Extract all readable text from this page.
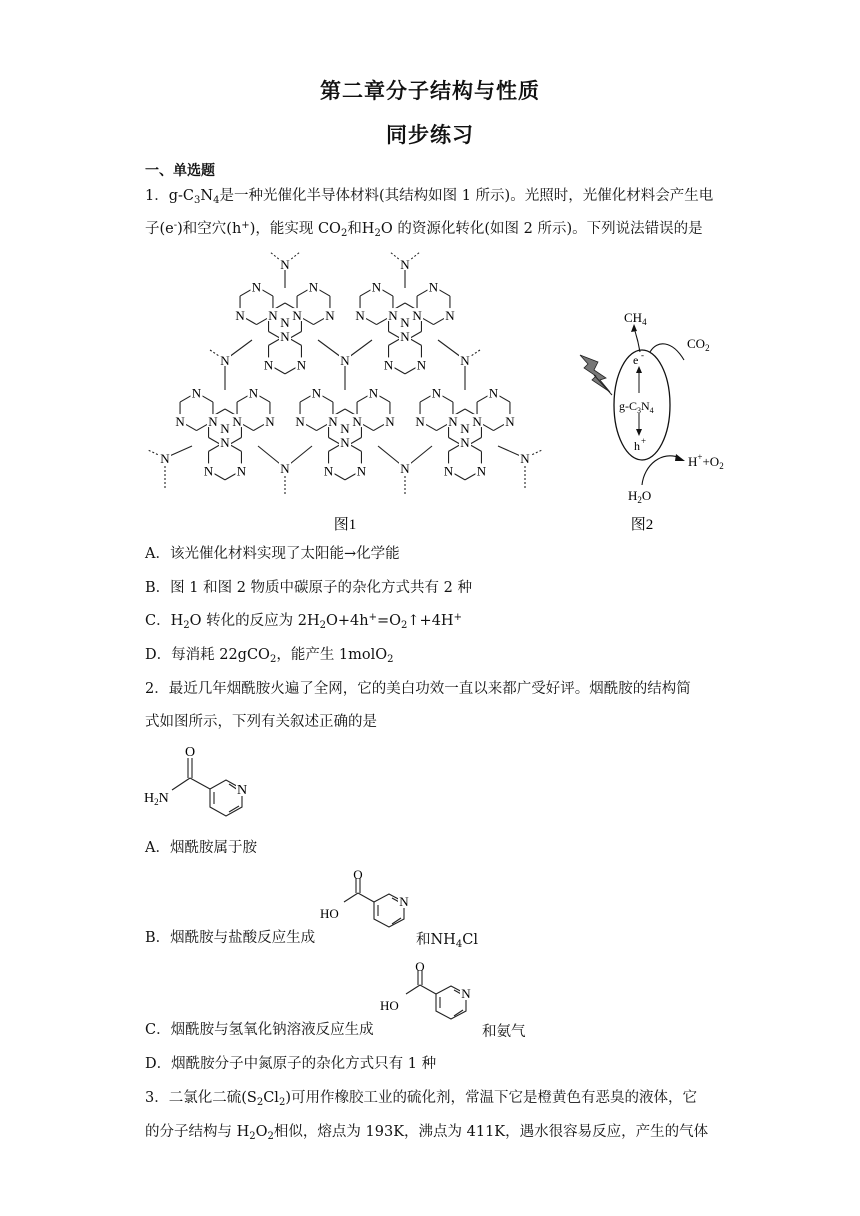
第二章分子结构与性质
同步练习
一、单选题
1．$g-C_3N_4$是一种光催化半导体材料(其结构如图 1 所示)。光照时，光催化材料会产生电
子(e-)和空穴(h+)，能实现 $CO_2$和$H_2O$ 的资源化转化(如图 2 所示)。下列说法错误的是
N
N
N
N
N
N
N
N
N
N
N
N
N
N
N
N
N
N
N
N
N
N
N
N
N
N
N
N
N
N
N
N
N
N
N
N
N
N
N
N
N
N
N
N
N
N
N
N
N
N
N	N
N	N	N
N
N	N
N
图1
e -
$g-C_3N_4$
h +
$CH_4$
$CO_2$
$H^++O_2$
$H_2O$
图2
A．该光催化材料实现了太阳能→化学能
B．图 1 和图 2 物质中碳原子的杂化方式共有 2 种
C．$H_2O$ 转化的反应为 $2H_2O+4h^+=O_2↑+4H^+$
D．每消耗 22gCO$_2$，能产生 1molO$_2$
2．最近几年烟酰胺火遍了全网，它的美白功效一直以来都广受好评。烟酰胺的结构简
式如图所示，下列有关叙述正确的是
O
N
$H_2N$
A．烟酰胺属于胺
B．烟酰胺与盐酸反应生成
O
N
HO
和$NH_4Cl$
C．烟酰胺与氢氧化钠溶液反应生成
O
N
HO
和氨气
D．烟酰胺分子中氮原子的杂化方式只有 1 种
3．二氯化二硫$(S_2Cl_2)$可用作橡胶工业的硫化剂，常温下它是橙黄色有恶臭的液体，它
的分子结构与 $H_2O_2$相似，熔点为 193K，沸点为 411K，遇水很容易反应，产生的气体
